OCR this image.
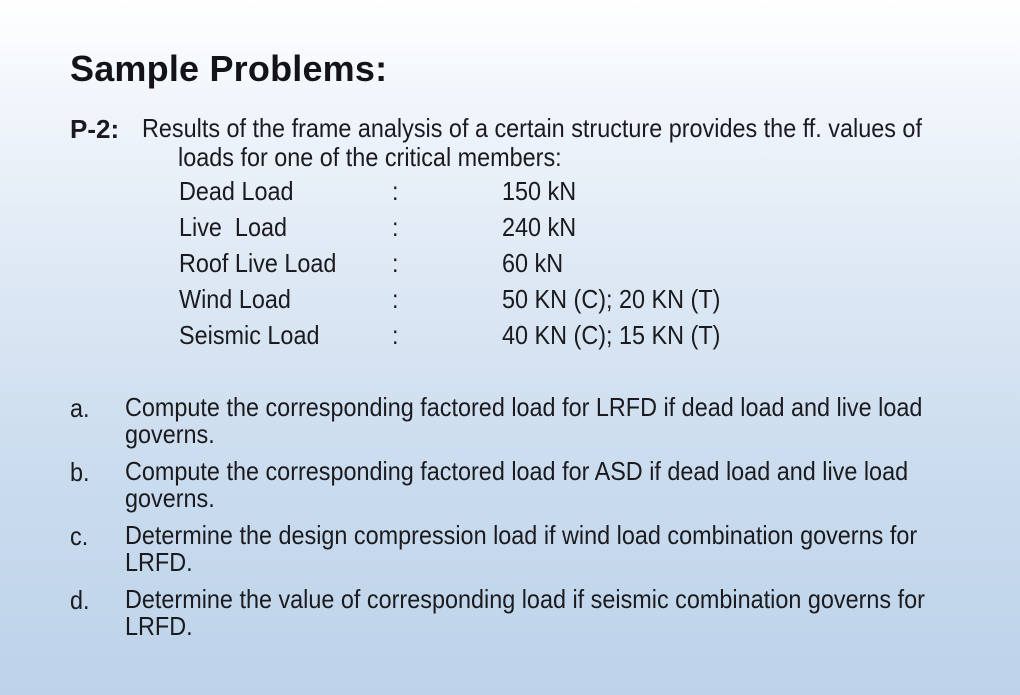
Sample Problems:
P-2: Results of the frame analysis of a certain structure provides the ff. values of
loads for one of the critical members:
Dead Load	:	150 kN
Live  Load	:	240 kN
Roof Live Load :	60 kN
Wind Load	:	50 KN (C); 20 KN (T)
Seismic Load	:	40 KN (C); 15 KN (T)
a. Compute the corresponding factored load for LRFD if dead load and live load
governs.
b. Compute the corresponding factored load for ASD if dead load and live load
governs.
c. Determine the design compression load if wind load combination governs for
LRFD.
d. Determine the value of corresponding load if seismic combination governs for
LRFD.
